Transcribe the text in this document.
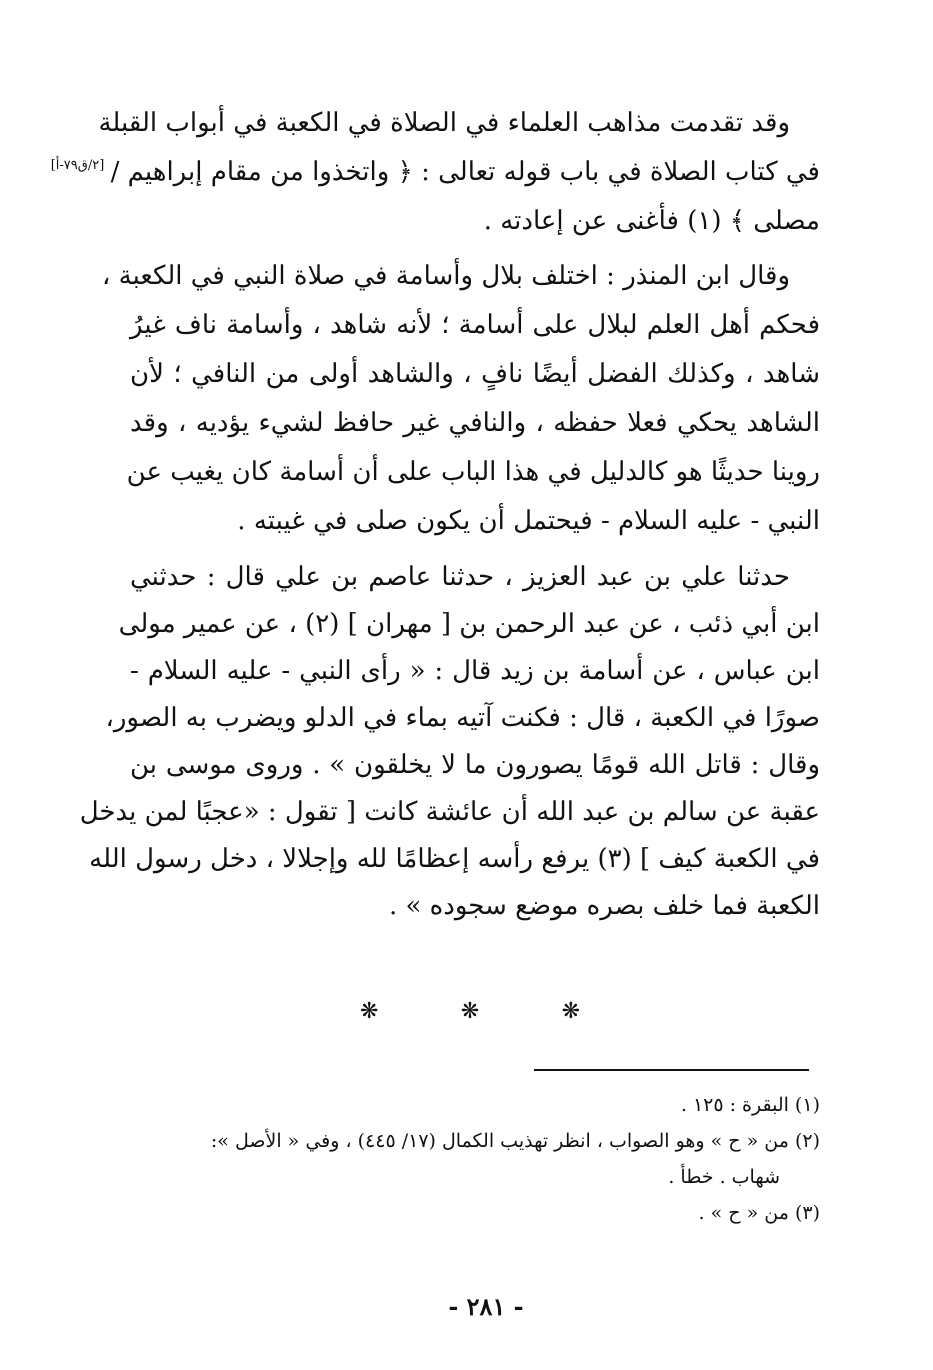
[٢/ق٧٩-أ]
وقد تقدمت مذاهب العلماء في الصلاة في الكعبة في أبواب القبلة
في كتاب الصلاة في باب قوله تعالى : ﴿ واتخذوا من مقام إبراهيم /
مصلى ﴾ (١) فأغنى عن إعادته .
وقال ابن المنذر : اختلف بلال وأسامة في صلاة النبي في الكعبة ،
فحكم أهل العلم لبلال على أسامة ؛ لأنه شاهد ، وأسامة ناف غيرُ
شاهد ، وكذلك الفضل أيضًا نافٍ ، والشاهد أولى من النافي ؛ لأن
الشاهد يحكي فعلا حفظه ، والنافي غير حافظ لشيء يؤديه ، وقد
روينا حديثًا هو كالدليل في هذا الباب على أن أسامة كان يغيب عن
النبي - عليه السلام - فيحتمل أن يكون صلى في غيبته .
حدثنا علي بن عبد العزيز ، حدثنا عاصم بن علي قال : حدثني
ابن أبي ذئب ، عن عبد الرحمن بن [ مهران ] (٢) ، عن عمير مولى
ابن عباس ، عن أسامة بن زيد قال : « رأى النبي - عليه السلام -
صورًا في الكعبة ، قال : فكنت آتيه بماء في الدلو ويضرب به الصور،
وقال : قاتل الله قومًا يصورون ما لا يخلقون » . وروى موسى بن
عقبة عن سالم بن عبد الله أن عائشة كانت [ تقول : «عجبًا لمن يدخل
في الكعبة كيف ] (٣) يرفع رأسه إعظامًا لله وإجلالا ، دخل رسول الله
الكعبة فما خلف بصره موضع سجوده » .
❋	❋	❋
(١) البقرة : ١٢٥ .
(٢) من « ح » وهو الصواب ، انظر تهذيب الكمال (١٧/ ٤٤٥) ، وفي « الأصل »:
شهاب . خطأ .
(٣) من « ح » .
- ٢٨١ -
